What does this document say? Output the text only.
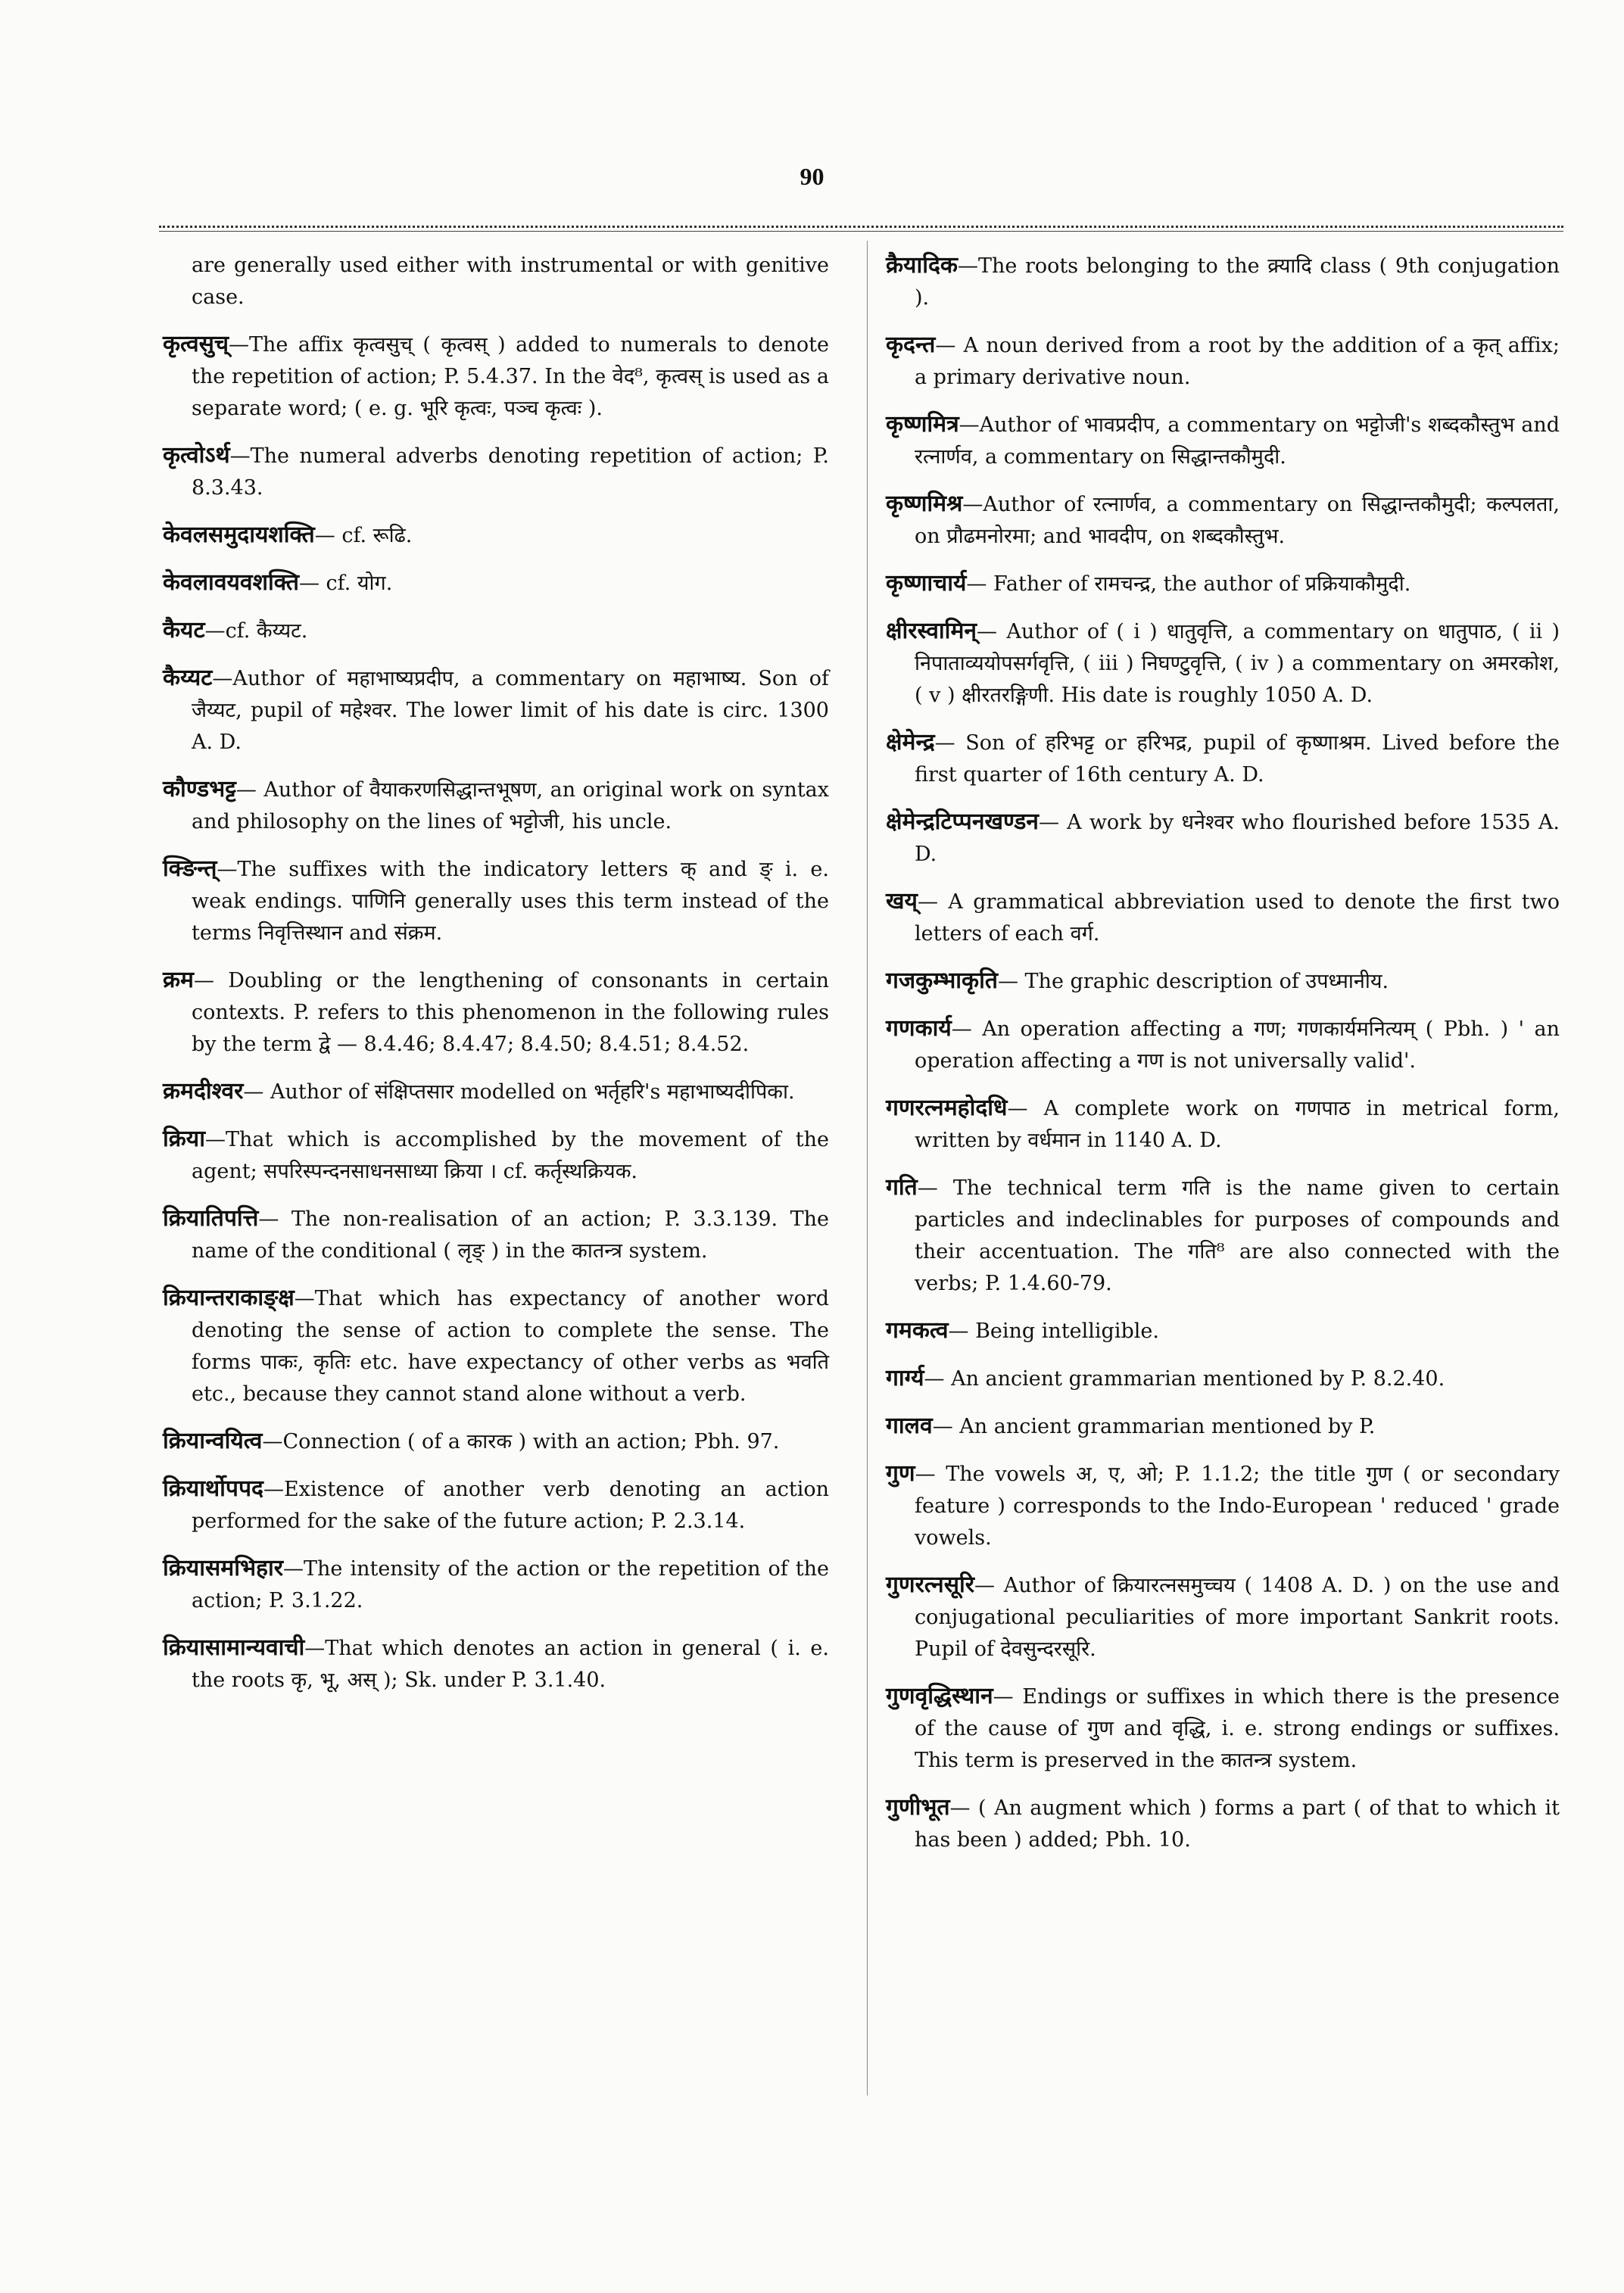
90

are generally used either with instrumental or with genitive case.

कृत्वसुच्—The affix कृत्वसुच् ( कृत्वस् ) added to numerals to denote the repetition of action; P. 5.4.37. In the वेद⁸, कृत्वस् is used as a separate word; ( e. g. भूरि कृत्वः, पञ्च कृत्वः ).

कृत्वोऽर्थ—The numeral adverbs denoting repetition of action; P. 8.3.43.

केवलसमुदायशक्ति— cf. रूढि.

केवलावयवशक्ति— cf. योग.

कैयट—cf. कैय्यट.

कैय्यट—Author of महाभाष्यप्रदीप, a commentary on महाभाष्य. Son of जैय्यट, pupil of महेश्वर. The lower limit of his date is circ. 1300 A. D.

कौण्डभट्ट— Author of वैयाकरणसिद्धान्तभूषण, an original work on syntax and philosophy on the lines of भट्टोजी, his uncle.

क्ङिन्त्—The suffixes with the indicatory letters क् and ङ् i. e. weak endings. पाणिनि generally uses this term instead of the terms निवृत्तिस्थान and संक्रम.

क्रम— Doubling or the lengthening of consonants in certain contexts. P. refers to this phenomenon in the following rules by the term द्वे — 8.4.46; 8.4.47; 8.4.50; 8.4.51; 8.4.52.

क्रमदीश्वर— Author of संक्षिप्तसार modelled on भर्तृहरि's महाभाष्यदीपिका.

क्रिया—That which is accomplished by the movement of the agent; सपरिस्पन्दनसाधनसाध्या क्रिया । cf. कर्तृस्थक्रियक.

क्रियातिपत्ति— The non-realisation of an action; P. 3.3.139. The name of the conditional ( लृङ् ) in the कातन्त्र system.

क्रियान्तराकाङ्क्ष—That which has expectancy of another word denoting the sense of action to complete the sense. The forms पाकः, कृतिः etc. have expectancy of other verbs as भवति etc., because they cannot stand alone without a verb.

क्रियान्वयित्व—Connection ( of a कारक ) with an action; Pbh. 97.

क्रियार्थोपपद—Existence of another verb denoting an action performed for the sake of the future action; P. 2.3.14.

क्रियासमभिहार—The intensity of the action or the repetition of the action; P. 3.1.22.

क्रियासामान्यवाची—That which denotes an action in general ( i. e. the roots कृ, भू, अस् ); Sk. under P. 3.1.40.

क्रैयादिक—The roots belonging to the क्र्यादि class ( 9th conjugation ).

कृदन्त— A noun derived from a root by the addition of a कृत् affix; a primary derivative noun.

कृष्णमित्र—Author of भावप्रदीप, a commentary on भट्टोजी's शब्दकौस्तुभ and रत्नार्णव, a commentary on सिद्धान्तकौमुदी.

कृष्णमिश्र—Author of रत्नार्णव, a commentary on सिद्धान्तकौमुदी; कल्पलता, on प्रौढमनोरमा; and भावदीप, on शब्दकौस्तुभ.

कृष्णाचार्य— Father of रामचन्द्र, the author of प्रक्रियाकौमुदी.

क्षीरस्वामिन्— Author of ( i ) धातुवृत्ति, a commentary on धातुपाठ, ( ii ) निपाताव्ययोपसर्गवृत्ति, ( iii ) निघण्टुवृत्ति, ( iv ) a commentary on अमरकोश, ( v ) क्षीरतरङ्गिणी. His date is roughly 1050 A. D.

क्षेमेन्द्र— Son of हरिभट्ट or हरिभद्र, pupil of कृष्णाश्रम. Lived before the first quarter of 16th century A. D.

क्षेमेन्द्रटिप्पनखण्डन— A work by धनेश्वर who flourished before 1535 A. D.

खय्— A grammatical abbreviation used to denote the first two letters of each वर्ग.

गजकुम्भाकृति— The graphic description of उपध्मानीय.

गणकार्य— An operation affecting a गण; गणकार्यमनित्यम् ( Pbh. ) ' an operation affecting a गण is not universally valid'.

गणरत्नमहोदधि— A complete work on गणपाठ in metrical form, written by वर्धमान in 1140 A. D.

गति— The technical term गति is the name given to certain particles and indeclinables for purposes of compounds and their accentuation. The गति⁸ are also connected with the verbs; P. 1.4.60-79.

गमकत्व— Being intelligible.

गार्ग्य— An ancient grammarian mentioned by P. 8.2.40.

गालव— An ancient grammarian mentioned by P.

गुण— The vowels अ, ए, ओ; P. 1.1.2; the title गुण ( or secondary feature ) corresponds to the Indo-European ' reduced ' grade vowels.

गुणरत्नसूरि— Author of क्रियारत्नसमुच्चय ( 1408 A. D. ) on the use and conjugational peculiarities of more important Sankrit roots. Pupil of देवसुन्दरसूरि.

गुणवृद्धिस्थान— Endings or suffixes in which there is the presence of the cause of गुण and वृद्धि, i. e. strong endings or suffixes. This term is preserved in the कातन्त्र system.

गुणीभूत— ( An augment which ) forms a part ( of that to which it has been ) added; Pbh. 10.
